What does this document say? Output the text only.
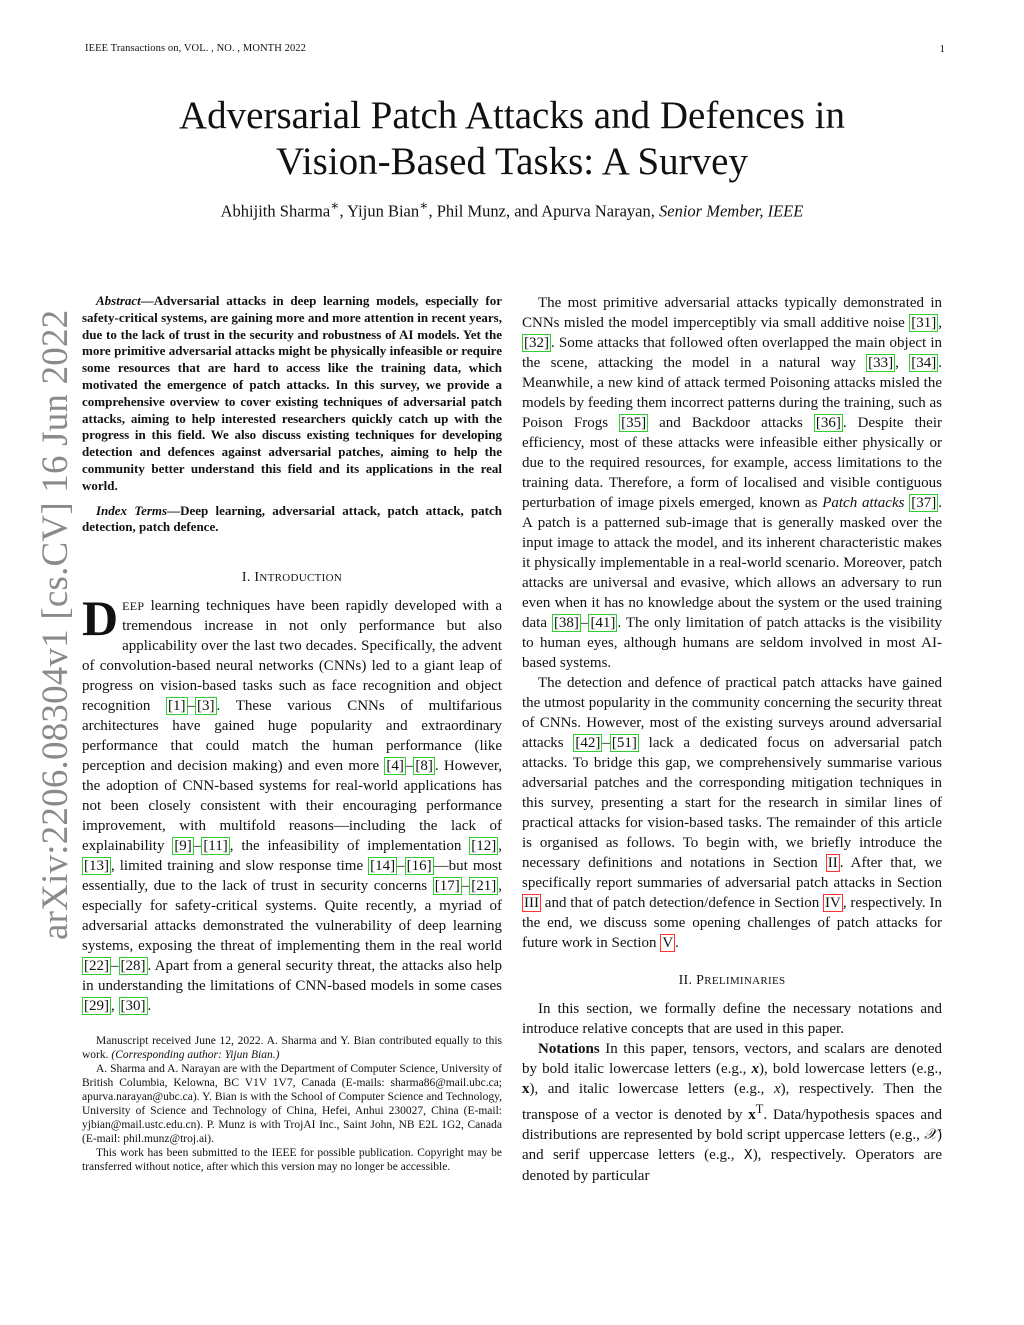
IEEE Transactions on, VOL. , NO. , MONTH 2022	1
arXiv:2206.08304v1 [cs.CV] 16 Jun 2022
Adversarial Patch Attacks and Defences in
Vision-Based Tasks: A Survey
Abhijith Sharma∗, Yijun Bian∗, Phil Munz, and Apurva Narayan, Senior Member, IEEE

Abstract—Adversarial attacks in deep learning models, especially for safety-critical systems, are gaining more and more attention in recent years, due to the lack of trust in the security and robustness of AI models. Yet the more primitive adversarial attacks might be physically infeasible or require some resources that are hard to access like the training data, which motivated the emergence of patch attacks. In this survey, we provide a comprehensive overview to cover existing techniques of adversarial patch attacks, aiming to help interested researchers quickly catch up with the progress in this field. We also discuss existing techniques for developing detection and defences against adversarial patches, aiming to help the community better understand this field and its applications in the real world.

Index Terms—Deep learning, adversarial attack, patch attack, patch detection, patch defence.

I. INTRODUCTION

DEEP learning techniques have been rapidly developed with a tremendous increase in not only performance but also applicability over the last two decades. Specifically, the advent of convolution-based neural networks (CNNs) led to a giant leap of progress on vision-based tasks such as face recognition and object recognition [1] – [3] . These various CNNs of multifarious architectures have gained huge popularity and extraordinary performance that could match the human performance (like perception and decision making) and even more [4] – [8] . However, the adoption of CNN-based systems for real-world applications has not been closely consistent with their encouraging performance improvement, with multifold reasons—including the lack of explainability [9] – [11] , the infeasibility of implementation [12] , [13] , limited training and slow response time [14] – [16] —but most essentially, due to the lack of trust in security concerns [17] – [21] , especially for safety-critical systems. Quite recently, a myriad of adversarial attacks demonstrated the vulnerability of deep learning systems, exposing the threat of implementing them in the real world [22] – [28] . Apart from a general security threat, the attacks also help in understanding the limitations of CNN-based models in some cases [29] , [30] .

Manuscript received June 12, 2022. A. Sharma and Y. Bian contributed equally to this work. (Corresponding author: Yijun Bian.)

A. Sharma and A. Narayan are with the Department of Computer Science, University of British Columbia, Kelowna, BC V1V 1V7, Canada (E-mails: sharma86@mail.ubc.ca; apurva.narayan@ubc.ca). Y. Bian is with the School of Computer Science and Technology, University of Science and Technology of China, Hefei, Anhui 230027, China (E-mail: yjbian@mail.ustc.edu.cn). P. Munz is with TrojAI Inc., Saint John, NB E2L 1G2, Canada (E-mail: phil.munz@troj.ai).

This work has been submitted to the IEEE for possible publication. Copyright may be transferred without notice, after which this version may no longer be accessible.

The most primitive adversarial attacks typically demonstrated in CNNs misled the model imperceptibly via small additive noise [31] , [32] . Some attacks that followed often overlapped the main object in the scene, attacking the model in a natural way [33] , [34] . Meanwhile, a new kind of attack termed Poisoning attacks misled the models by feeding them incorrect patterns during the training, such as Poison Frogs [35] and Backdoor attacks [36] . Despite their efficiency, most of these attacks were infeasible either physically or due to the required resources, for example, access limitations to the training data. Therefore, a form of localised and visible contiguous perturbation of image pixels emerged, known as Patch attacks [37] . A patch is a patterned sub-image that is generally masked over the input image to attack the model, and its inherent characteristic makes it physically implementable in a real-world scenario. Moreover, patch attacks are universal and evasive, which allows an adversary to run even when it has no knowledge about the system or the used training data [38] – [41] . The only limitation of patch attacks is the visibility to human eyes, although humans are seldom involved in most AI-based systems.

The detection and defence of practical patch attacks have gained the utmost popularity in the community concerning the security threat of CNNs. However, most of the existing surveys around adversarial attacks [42] – [51] lack a dedicated focus on adversarial patch attacks. To bridge this gap, we comprehensively summarise various adversarial patches and the corresponding mitigation techniques in this survey, presenting a start for the research in similar lines of practical attacks for vision-based tasks. The remainder of this article is organised as follows. To begin with, we briefly introduce the necessary definitions and notations in Section II . After that, we specifically report summaries of adversarial patch attacks in Section III and that of patch detection/defence in Section IV , respectively. In the end, we discuss some opening challenges of patch attacks for future work in Section V .

II. PRELIMINARIES

In this section, we formally define the necessary notations and introduce relative concepts that are used in this paper.

Notations In this paper, tensors, vectors, and scalars are denoted by bold italic lowercase letters (e.g., x), bold lowercase letters (e.g., x), and italic lowercase letters (e.g., x), respectively. Then the transpose of a vector is denoted by $x^T$. Data/hypothesis spaces and distributions are represented by bold script uppercase letters (e.g., 𝒳) and serif uppercase letters (e.g., X), respectively. Operators are denoted by particular
